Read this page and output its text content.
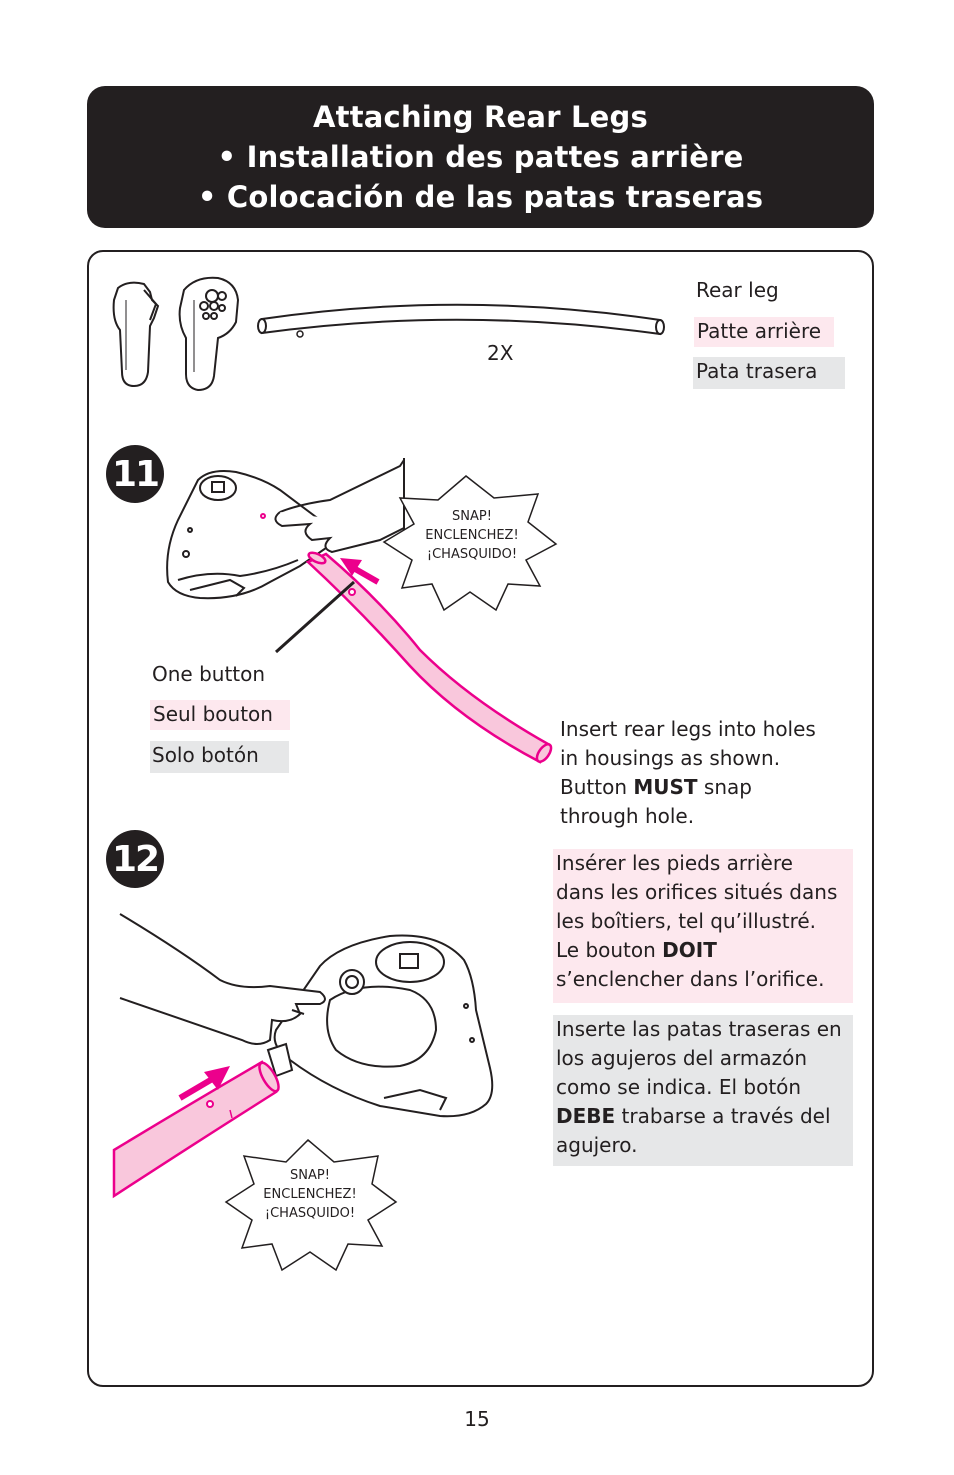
Attaching Rear Legs
• Installation des pattes arrière
• Colocación de las patas traseras
Rear leg
Patte arrière
Pata trasera
2X
11
SNAP!
ENCLENCHEZ!
¡CHASQUIDO!
One button
Seul bouton
Solo botón
Insert rear legs into holes
in housings as shown.
Button MUST snap
through hole.
12	Insérer les pieds arrière
dans les orifices situés dans
les boîtiers, tel qu’illustré.
Le bouton DOIT
s’enclencher dans l’orifice.
Inserte las patas traseras en
los agujeros del armazón
como se indica. El botón
DEBE trabarse a través del
agujero.
SNAP!
ENCLENCHEZ!
¡CHASQUIDO!
15
